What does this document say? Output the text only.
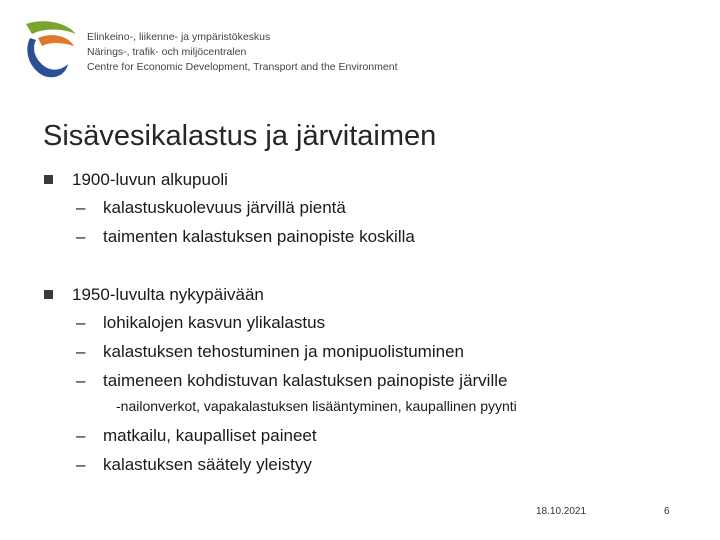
Elinkeino-, liikenne- ja ympäristökeskus
Närings-, trafik- och miljöcentralen
Centre for Economic Development, Transport and the Environment
Sisävesikalastus ja järvitaimen
1900-luvun alkupuoli
– kalastuskuolevuus järvillä pientä
– taimenten kalastuksen painopiste koskilla
1950-luvulta nykypäivään
– lohikalojen kasvun ylikalastus
– kalastuksen tehostuminen ja monipuolistuminen
– taimeneen kohdistuvan kalastuksen painopiste järville
-nailonverkot, vapakalastuksen lisääntyminen, kaupallinen pyynti
– matkailu, kaupalliset paineet
– kalastuksen säätely yleistyy
18.10.2021	6
